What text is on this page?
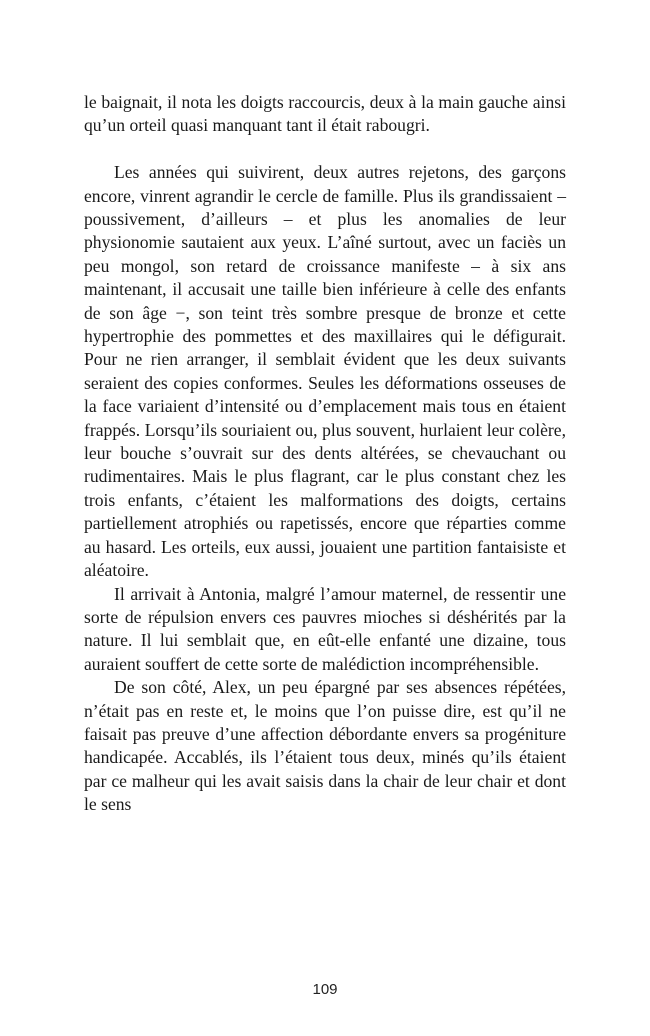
le baignait, il nota les doigts raccourcis, deux à la main gauche ainsi qu’un orteil quasi manquant tant il était rabougri.

Les années qui suivirent, deux autres rejetons, des garçons encore, vinrent agrandir le cercle de famille. Plus ils grandissaient – poussivement, d’ailleurs – et plus les anomalies de leur physionomie sautaient aux yeux. L’aîné surtout, avec un faciès un peu mongol, son retard de croissance manifeste – à six ans maintenant, il accusait une taille bien inférieure à celle des enfants de son âge −, son teint très sombre presque de bronze et cette hypertrophie des pommettes et des maxillaires qui le défigurait. Pour ne rien arranger, il semblait évident que les deux suivants seraient des copies conformes. Seules les déformations osseuses de la face variaient d’intensité ou d’emplacement mais tous en étaient frappés. Lorsqu’ils souriaient ou, plus souvent, hurlaient leur colère, leur bouche s’ouvrait sur des dents altérées, se chevauchant ou rudimentaires. Mais le plus flagrant, car le plus constant chez les trois enfants, c’étaient les malformations des doigts, certains partiellement atrophiés ou rapetissés, encore que réparties comme au hasard. Les orteils, eux aussi, jouaient une partition fantaisiste et aléatoire.

Il arrivait à Antonia, malgré l’amour maternel, de ressentir une sorte de répulsion envers ces pauvres mioches si déshérités par la nature. Il lui semblait que, en eût-elle enfanté une dizaine, tous auraient souffert de cette sorte de malédiction incompréhensible.

De son côté, Alex, un peu épargné par ses absences répétées, n’était pas en reste et, le moins que l’on puisse dire, est qu’il ne faisait pas preuve d’une affection débordante envers sa progéniture handicapée. Accablés, ils l’étaient tous deux, minés qu’ils étaient par ce malheur qui les avait saisis dans la chair de leur chair et dont le sens

109
